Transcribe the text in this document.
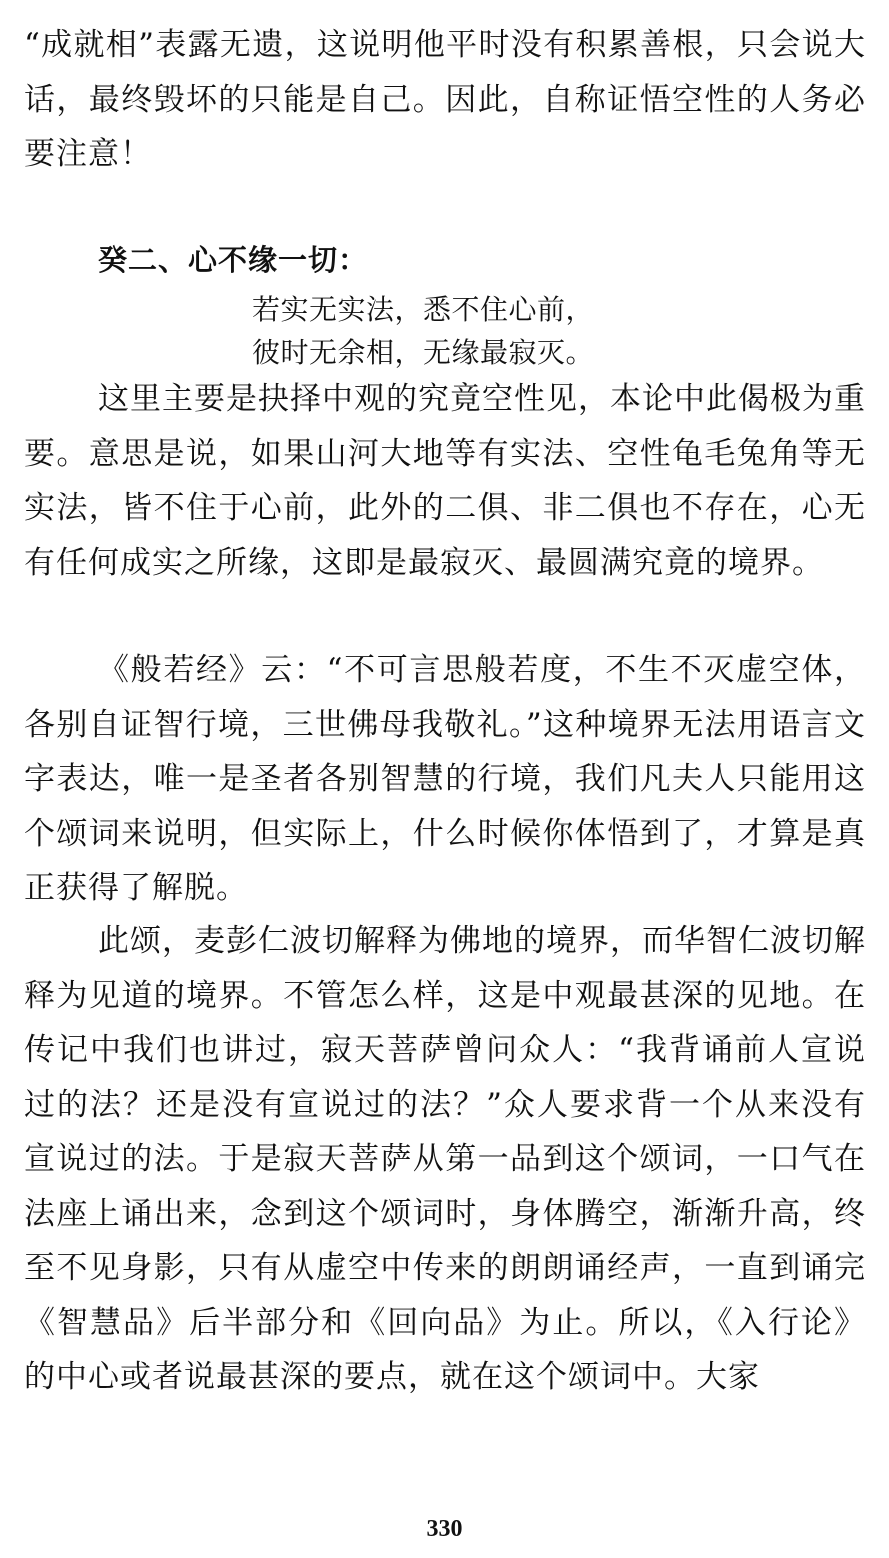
“成就相”表露无遗，这说明他平时没有积累善根，只会说大话，最终毁坏的只能是自己。因此，自称证悟空性的人务必要注意！

癸二、心不缘一切：

若实无实法，悉不住心前，

彼时无余相，无缘最寂灭。

这里主要是抉择中观的究竟空性见，本论中此偈极为重要。意思是说，如果山河大地等有实法、空性龟毛兔角等无实法，皆不住于心前，此外的二俱、非二俱也不存在，心无有任何成实之所缘，这即是最寂灭、最圆满究竟的境界。

《般若经》云：“不可言思般若度，不生不灭虚空体，各别自证智行境，三世佛母我敬礼。”这种境界无法用语言文字表达，唯一是圣者各别智慧的行境，我们凡夫人只能用这个颂词来说明，但实际上，什么时候你体悟到了，才算是真正获得了解脱。

此颂，麦彭仁波切解释为佛地的境界，而华智仁波切解释为见道的境界。不管怎么样，这是中观最甚深的见地。在传记中我们也讲过，寂天菩萨曾问众人：“我背诵前人宣说过的法？还是没有宣说过的法？”众人要求背一个从来没有宣说过的法。于是寂天菩萨从第一品到这个颂词，一口气在法座上诵出来，念到这个颂词时，身体腾空，渐渐升高，终至不见身影，只有从虚空中传来的朗朗诵经声，一直到诵完《智慧品》后半部分和《回向品》为止。所以，《入行论》的中心或者说最甚深的要点，就在这个颂词中。大家

330
